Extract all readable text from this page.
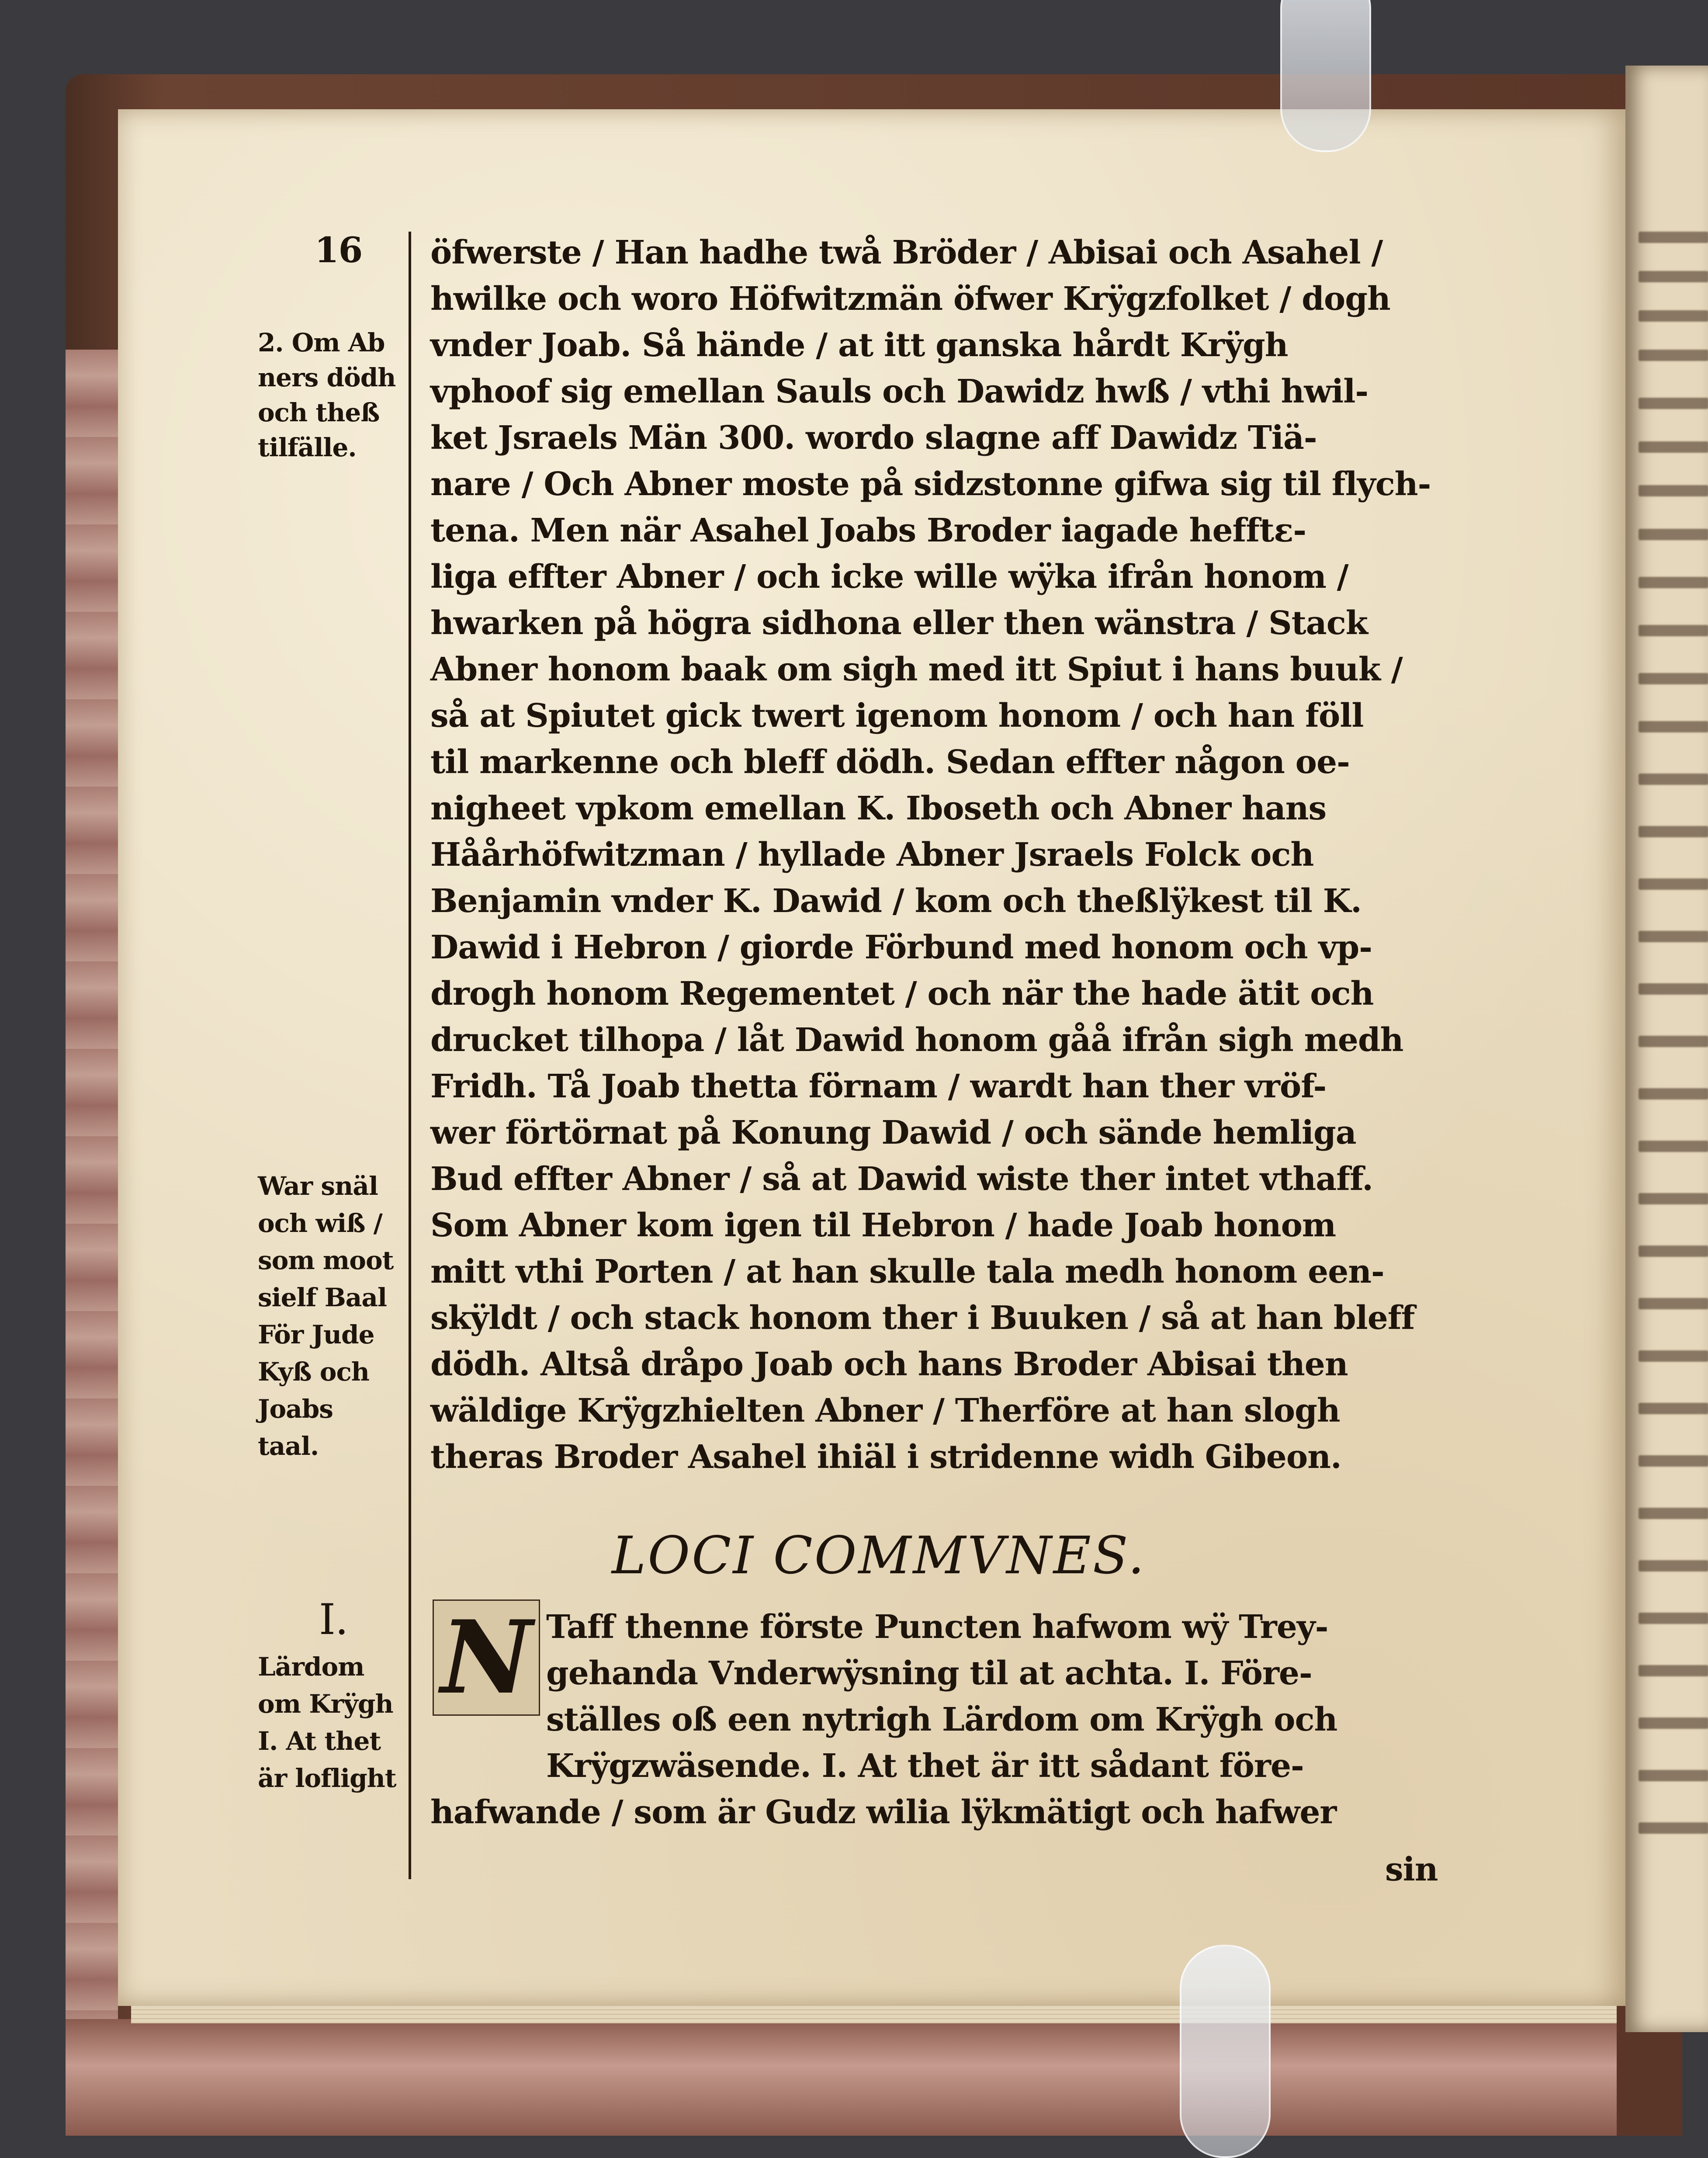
16 öfwerste / Han hadhe twå Bröder / Abisai och Asahel /
hwilke och woro Höfwitzmän öfwer Krÿgzfolket / dogh
vnder Joab. Så hände / at itt ganska hårdt Krÿgh
vphoof sig emellan Sauls och Dawidz hwß / vthi hwil-
ket Jsraels Män 300. wordo slagne aff Dawidz Tiä-
nare / Och Abner moste på sidzstonne gifwa sig til flych-
tena. Men när Asahel Joabs Broder iagade hefftε-
liga effter Abner / och icke wille wÿka ifrån honom /
hwarken på högra sidhona eller then wänstra / Stack
Abner honom baak om sigh med itt Spiut i hans buuk /
så at Spiutet gick twert igenom honom / och han föll
til markenne och bleff dödh. Sedan effter någon oe-
nigheet vpkom emellan K. Iboseth och Abner hans
Håårhöfwitzman / hyllade Abner Jsraels Folck och
Benjamin vnder K. Dawid / kom och theßlÿkest til K.
Dawid i Hebron / giorde Förbund med honom och vp-
drogh honom Regementet / och när the hade ätit och
drucket tilhopa / låt Dawid honom gåå ifrån sigh medh
Fridh. Tå Joab thetta förnam / wardt han ther vröf-
wer förtörnat på Konung Dawid / och sände hemliga
Bud effter Abner / så at Dawid wiste ther intet vthaff.
Som Abner kom igen til Hebron / hade Joab honom
mitt vthi Porten / at han skulle tala medh honom een-
skÿldt / och stack honom ther i Buuken / så at han bleff
dödh. Altså dråpo Joab och hans Broder Abisai then
wäldige Krÿgzhielten Abner / Therföre at han slogh
theras Broder Asahel ihiäl i stridenne widh Gibeon.
LOCI COMMVNES.
N Taff thenne förste Puncten hafwom wÿ Trey-
gehanda Vnderwÿsning til at achta. I. Före-
ställes oß een nytrigh Lärdom om Krÿgh och
Krÿgzwäsende. I. At thet är itt sådant före-
hafwande / som är Gudz wilia lÿkmätigt och hafwer
sin
2. Om Ab
ners dödh
och theß
tilfälle.
War snäl
och wiß /
som moot
sielf Baal
För Jude
Kyß och
Joabs
taal.
I.
Lärdom
om Krÿgh
I. At thet
är loflight
